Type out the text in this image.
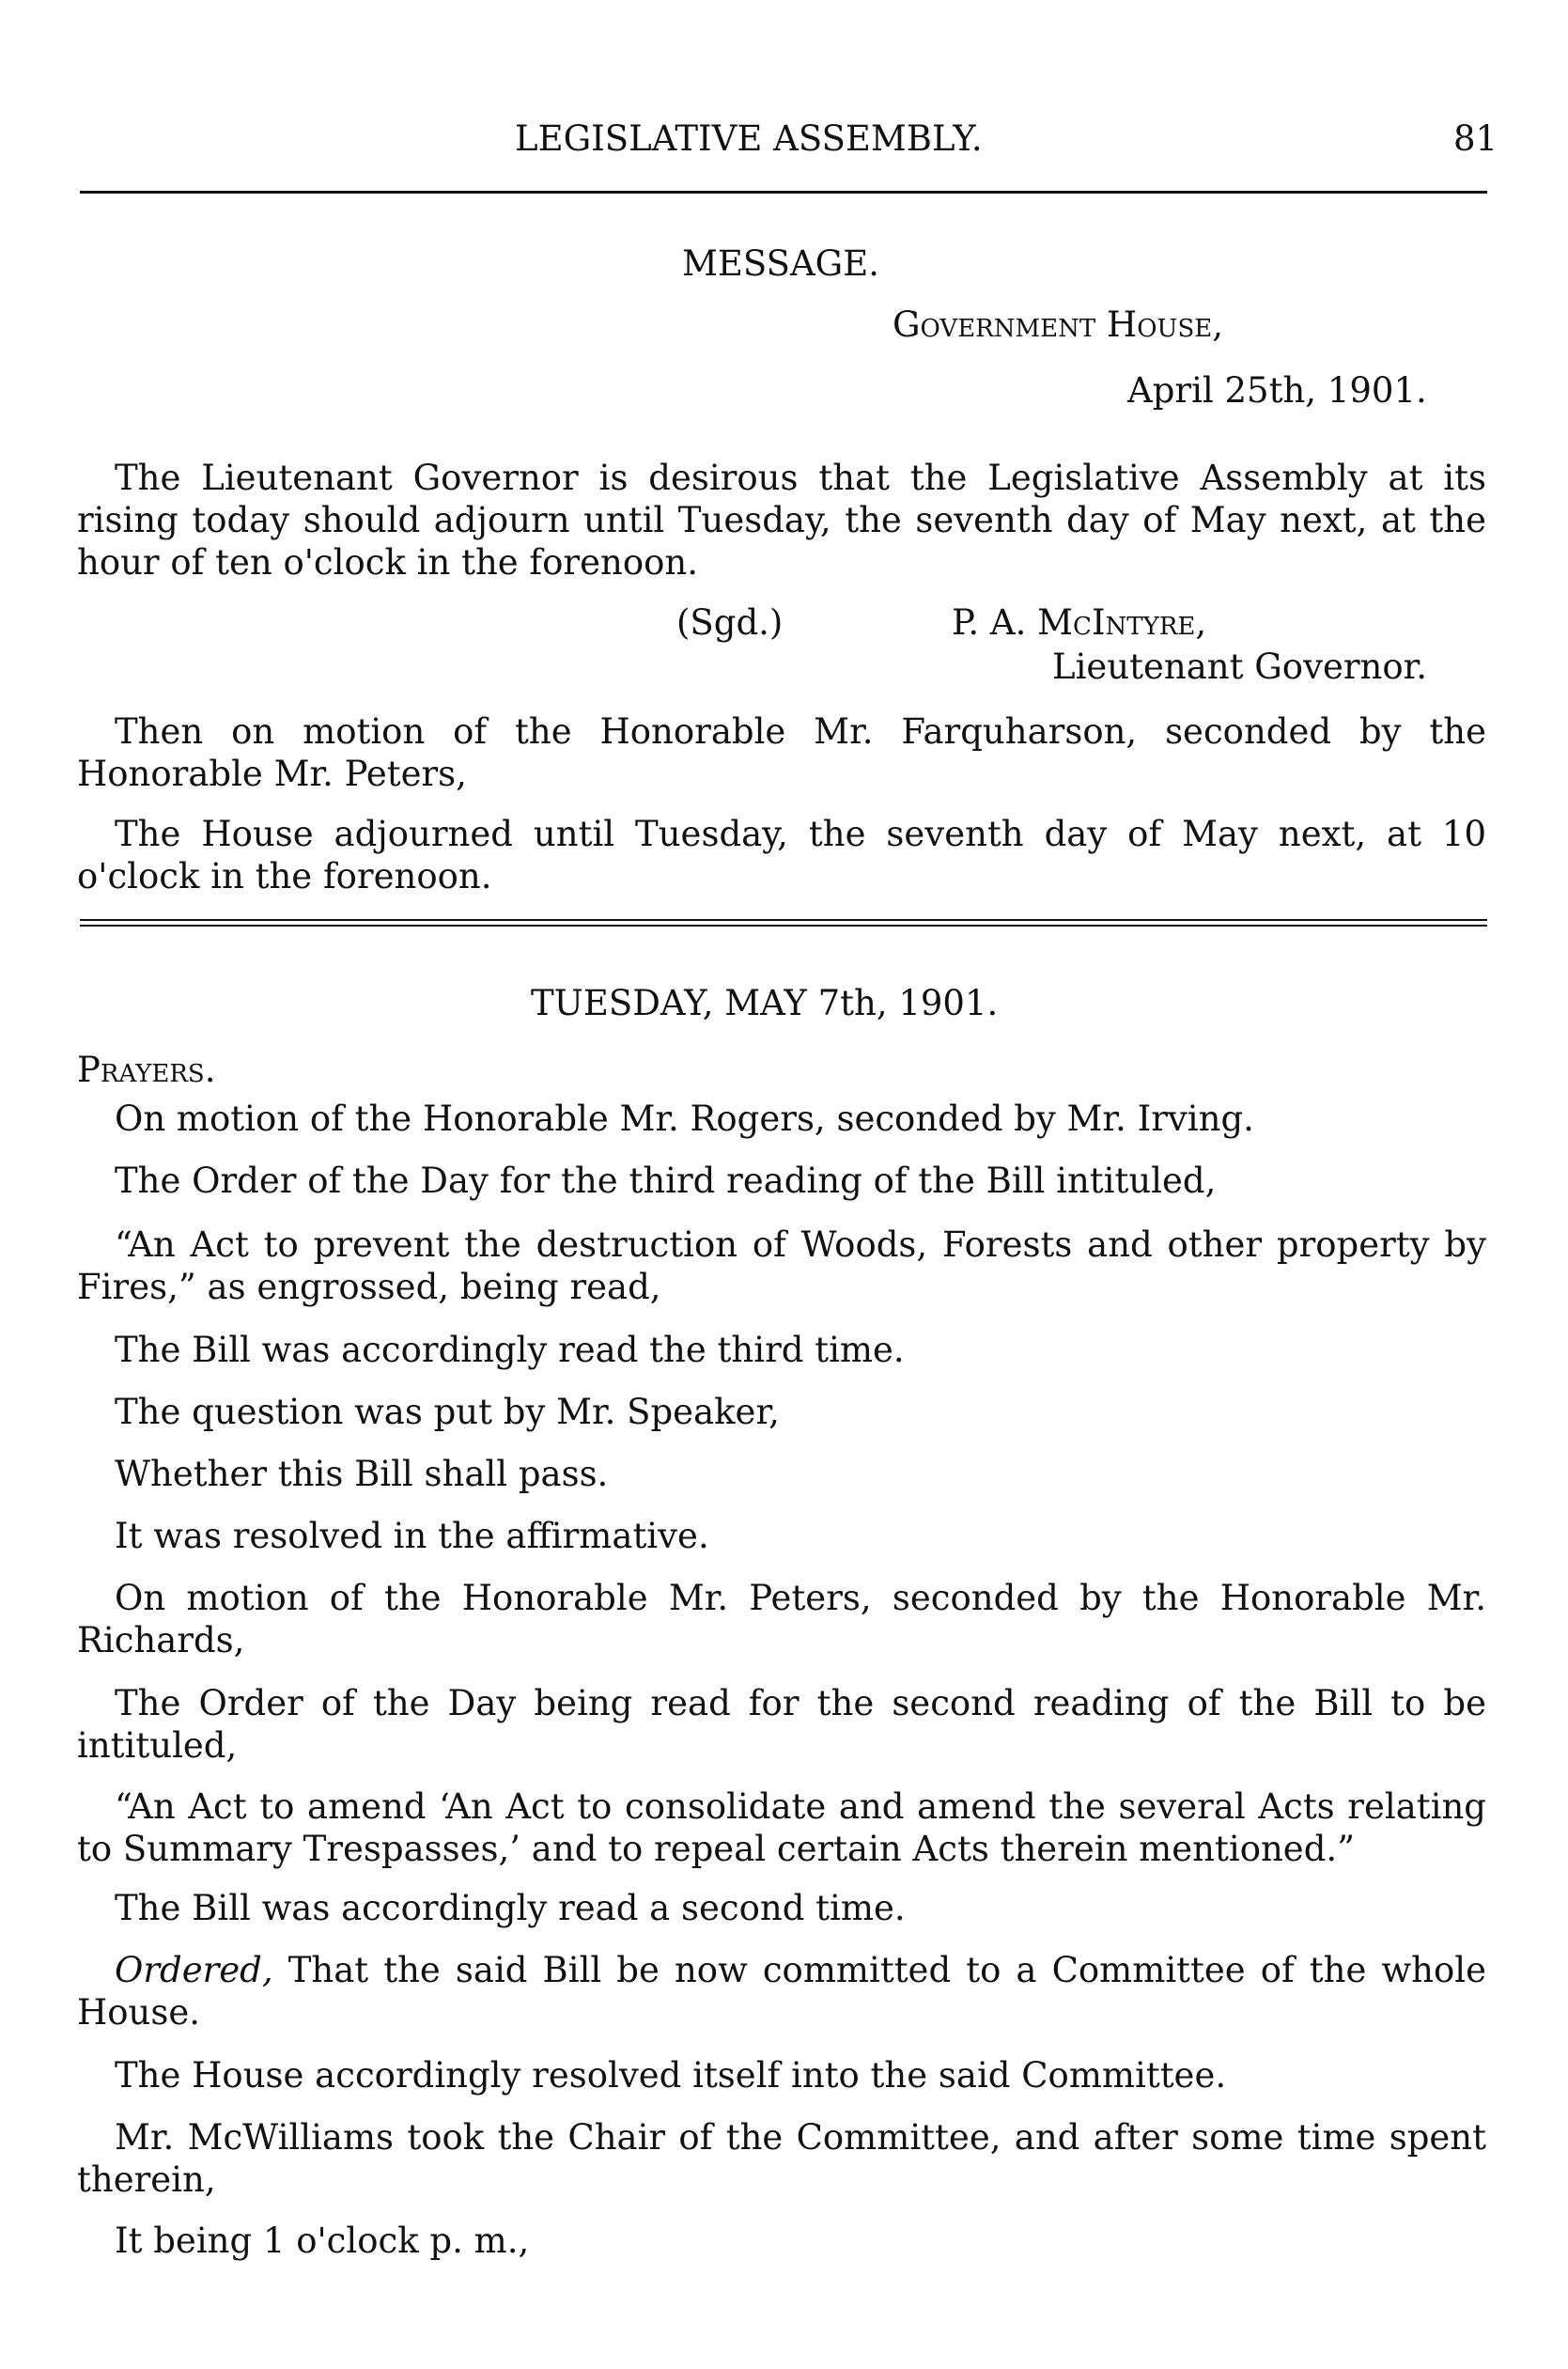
LEGISLATIVE ASSEMBLY.	81

MESSAGE.

Government House,

April 25th, 1901.

The Lieutenant Governor is desirous that the Legislative Assembly at its rising today should adjourn until Tuesday, the seventh day of May next, at the hour of ten o'clock in the forenoon.

(Sgd.)	P. A. McIntyre,

Lieutenant Governor.

Then on motion of the Honorable Mr. Farquharson, seconded by the Honorable Mr. Peters,

The House adjourned until Tuesday, the seventh day of May next, at 10 o'clock in the forenoon.

TUESDAY, MAY 7th, 1901.

Prayers.

On motion of the Honorable Mr. Rogers, seconded by Mr. Irving.

The Order of the Day for the third reading of the Bill intituled,

“An Act to prevent the destruction of Woods, Forests and other property by Fires,” as engrossed, being read,

The Bill was accordingly read the third time.

The question was put by Mr. Speaker,

Whether this Bill shall pass.

It was resolved in the affirmative.

On motion of the Honorable Mr. Peters, seconded by the Honorable Mr. Richards,

The Order of the Day being read for the second reading of the Bill to be intituled,

“An Act to amend ‘An Act to consolidate and amend the several Acts relating to Summary Trespasses,’ and to repeal certain Acts therein mentioned.”

The Bill was accordingly read a second time.

Ordered, That the said Bill be now committed to a Committee of the whole House.

The House accordingly resolved itself into the said Committee.

Mr. McWilliams took the Chair of the Committee, and after some time spent therein,

It being 1 o'clock p. m.,
